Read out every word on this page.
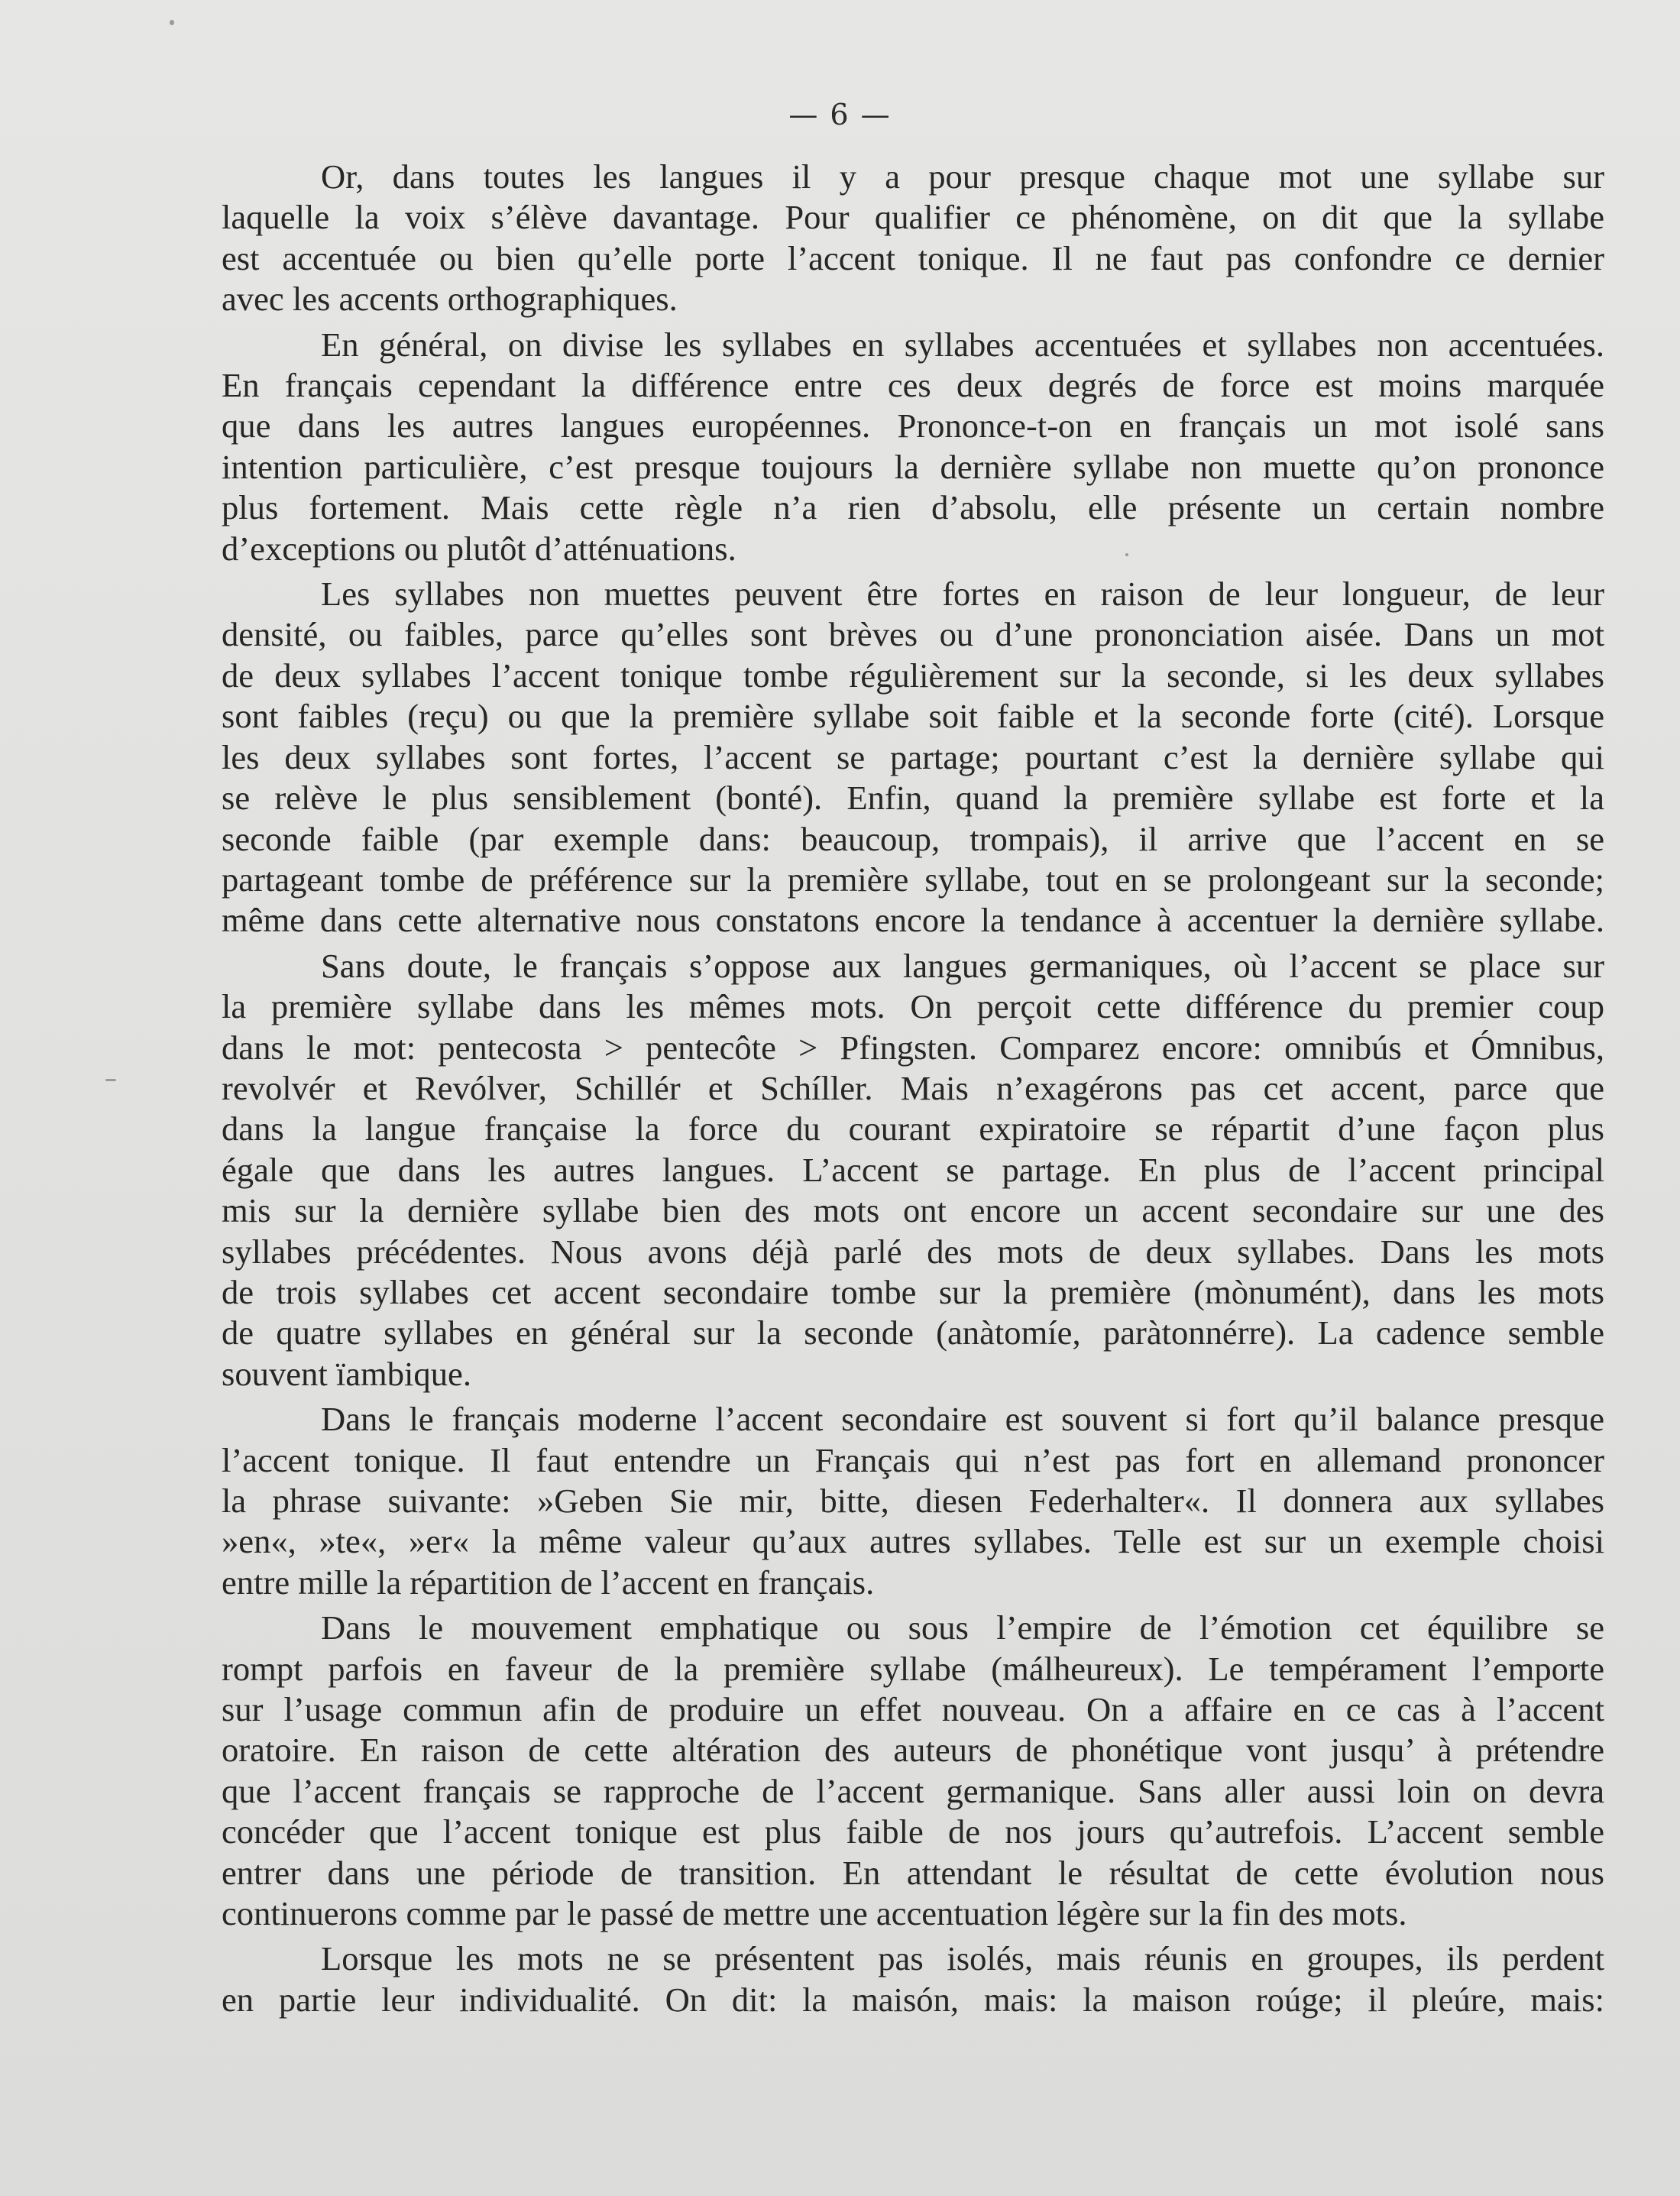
— 6 —

Or, dans toutes les langues il y a pour presque chaque mot une syllabe sur
laquelle la voix s’élève davantage. Pour qualifier ce phénomène, on dit que la syllabe
est accentuée ou bien qu’elle porte l’accent tonique. Il ne faut pas confondre ce dernier
avec les accents orthographiques.

En général, on divise les syllabes en syllabes accentuées et syllabes non accentuées.
En français cependant la différence entre ces deux degrés de force est moins marquée
que dans les autres langues européennes. Prononce-t-on en français un mot isolé sans
intention particulière, c’est presque toujours la dernière syllabe non muette qu’on prononce
plus fortement. Mais cette règle n’a rien d’absolu, elle présente un certain nombre
d’exceptions ou plutôt d’atténuations.

Les syllabes non muettes peuvent être fortes en raison de leur longueur, de leur
densité, ou faibles, parce qu’elles sont brèves ou d’une prononciation aisée. Dans un mot
de deux syllabes l’accent tonique tombe régulièrement sur la seconde, si les deux syllabes
sont faibles (reçu) ou que la première syllabe soit faible et la seconde forte (cité). Lorsque
les deux syllabes sont fortes, l’accent se partage; pourtant c’est la dernière syllabe qui
se relève le plus sensiblement (bonté). Enfin, quand la première syllabe est forte et la
seconde faible (par exemple dans: beaucoup, trompais), il arrive que l’accent en se
partageant tombe de préférence sur la première syllabe, tout en se prolongeant sur la seconde;
même dans cette alternative nous constatons encore la tendance à accentuer la dernière syllabe.

Sans doute, le français s’oppose aux langues germaniques, où l’accent se place sur
la première syllabe dans les mêmes mots. On perçoit cette différence du premier coup
dans le mot: pentecosta > pentecôte > Pfingsten. Comparez encore: omnibús et Ómnibus,
revolvér et Revólver, Schillér et Schíller. Mais n’exagérons pas cet accent, parce que
dans la langue française la force du courant expiratoire se répartit d’une façon plus
égale que dans les autres langues. L’accent se partage. En plus de l’accent principal
mis sur la dernière syllabe bien des mots ont encore un accent secondaire sur une des
syllabes précédentes. Nous avons déjà parlé des mots de deux syllabes. Dans les mots
de trois syllabes cet accent secondaire tombe sur la première (mònumént), dans les mots
de quatre syllabes en général sur la seconde (anàtomíe, paràtonnérre). La cadence semble
souvent ïambique.

Dans le français moderne l’accent secondaire est souvent si fort qu’il balance presque
l’accent tonique. Il faut entendre un Français qui n’est pas fort en allemand prononcer
la phrase suivante: »Geben Sie mir, bitte, diesen Federhalter«. Il donnera aux syllabes
»en«, »te«, »er« la même valeur qu’aux autres syllabes. Telle est sur un exemple choisi
entre mille la répartition de l’accent en français.

Dans le mouvement emphatique ou sous l’empire de l’émotion cet équilibre se
rompt parfois en faveur de la première syllabe (málheureux). Le tempérament l’emporte
sur l’usage commun afin de produire un effet nouveau. On a affaire en ce cas à l’accent
oratoire. En raison de cette altération des auteurs de phonétique vont jusqu’ à prétendre
que l’accent français se rapproche de l’accent germanique. Sans aller aussi loin on devra
concéder que l’accent tonique est plus faible de nos jours qu’autrefois. L’accent semble
entrer dans une période de transition. En attendant le résultat de cette évolution nous
continuerons comme par le passé de mettre une accentuation légère sur la fin des mots.

Lorsque les mots ne se présentent pas isolés, mais réunis en groupes, ils perdent
en partie leur individualité. On dit: la maisón, mais: la maison roúge; il pleúre, mais:
